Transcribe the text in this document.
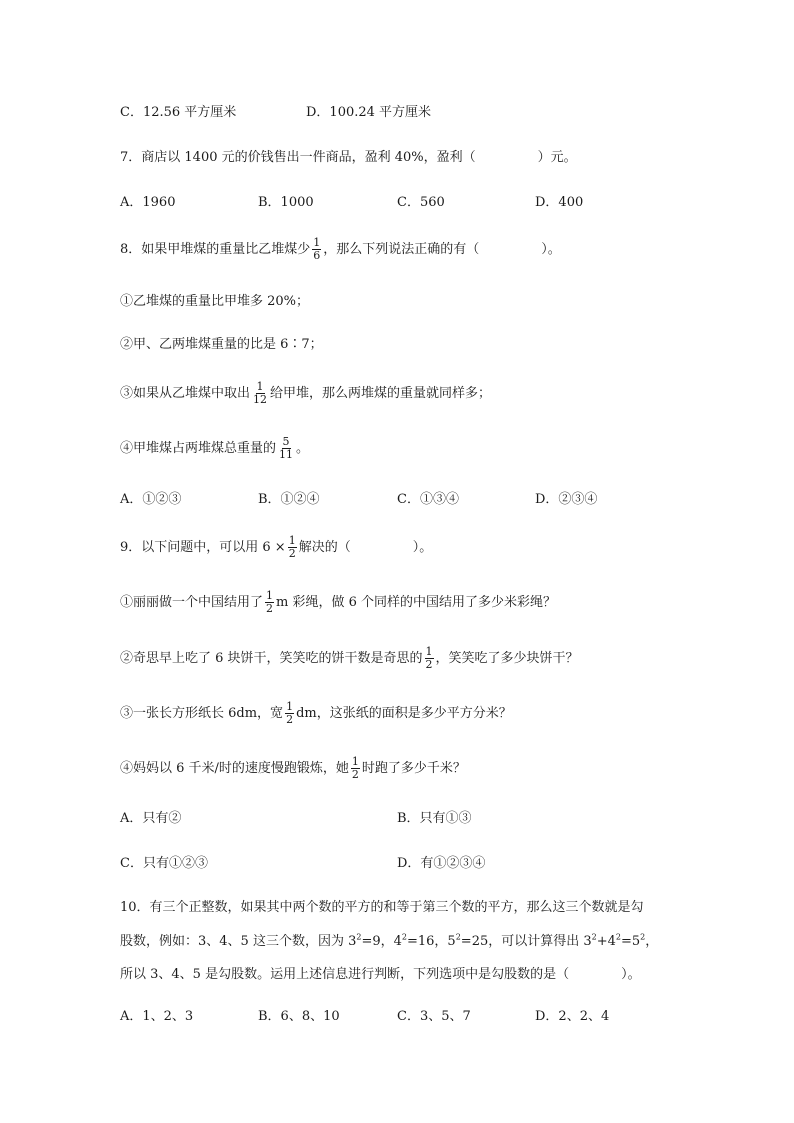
C．12.56 平方厘米	D．100.24 平方厘米
7．商店以 1400 元的价钱售出一件商品，盈利 40%，盈利（	）元。
A．1960	B．1000	C．560	D．400
8．如果甲堆煤的重量比乙堆煤少 $\frac{1}{6}$ ，那么下列说法正确的有（	）。
①乙堆煤的重量比甲堆多 20%；
②甲、乙两堆煤重量的比是 6∶7；
③如果从乙堆煤中取出 $\frac{1}{12}$ 给甲堆，那么两堆煤的重量就同样多；
④甲堆煤占两堆煤总重量的 $\frac{5}{11}$ 。
A．①②③	B．①②④	C．①③④	D．②③④
9．以下问题中，可以用 $6 \times \frac{1}{2}$ 解决的（	）。
①丽丽做一个中国结用了 $\frac{1}{2}$ m 彩绳，做 6 个同样的中国结用了多少米彩绳？
②奇思早上吃了 6 块饼干，笑笑吃的饼干数是奇思的 $\frac{1}{2}$ ，笑笑吃了多少块饼干？
③一张长方形纸长 6dm，宽 $\frac{1}{2}$ dm，这张纸的面积是多少平方分米？
④妈妈以 6 千米/时的速度慢跑锻炼，她 $\frac{1}{2}$ 时跑了多少千米？
A．只有②	B．只有①③
C．只有①②③	D．有①②③④
10．有三个正整数，如果其中两个数的平方的和等于第三个数的平方，那么这三个数就是勾
股数，例如：3、4、5 这三个数，因为 $3^2=9$，$4^2=16$，$5^2=25$，可以计算得出 $3^2+4^2=5^2$，
所以 3、4、5 是勾股数。运用上述信息进行判断，下列选项中是勾股数的是（	）。
A．1、2、3	B．6、8、10	C．3、5、7	D．2、2、4
